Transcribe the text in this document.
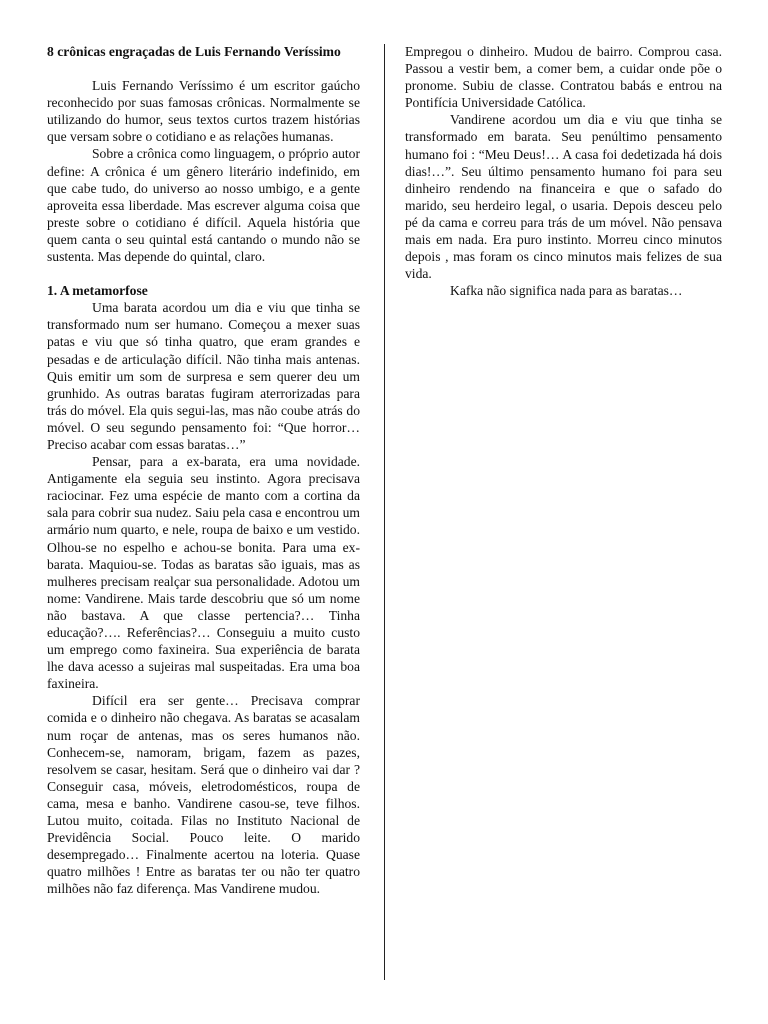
8 crônicas engraçadas de Luis Fernando Veríssimo

Luis Fernando Veríssimo é um escritor gaúcho reconhecido por suas famosas crônicas. Normalmente se utilizando do humor, seus textos curtos trazem histórias que versam sobre o cotidiano e as relações humanas.

Sobre a crônica como linguagem, o próprio autor define: A crônica é um gênero literário indefinido, em que cabe tudo, do universo ao nosso umbigo, e a gente aproveita essa liberdade. Mas escrever alguma coisa que preste sobre o cotidiano é difícil. Aquela história que quem canta o seu quintal está cantando o mundo não se sustenta. Mas depende do quintal, claro.

1. A metamorfose

Uma barata acordou um dia e viu que tinha se transformado num ser humano. Começou a mexer suas patas e viu que só tinha quatro, que eram grandes e pesadas e de articulação difícil. Não tinha mais antenas. Quis emitir um som de surpresa e sem querer deu um grunhido. As outras baratas fugiram aterrorizadas para trás do móvel. Ela quis segui-las, mas não coube atrás do móvel. O seu segundo pensamento foi: “Que horror… Preciso acabar com essas baratas…”

Pensar, para a ex-barata, era uma novidade. Antigamente ela seguia seu instinto. Agora precisava raciocinar. Fez uma espécie de manto com a cortina da sala para cobrir sua nudez. Saiu pela casa e encontrou um armário num quarto, e nele, roupa de baixo e um vestido. Olhou-se no espelho e achou-se bonita. Para uma ex-barata. Maquiou-se. Todas as baratas são iguais, mas as mulheres precisam realçar sua personalidade. Adotou um nome: Vandirene. Mais tarde descobriu que só um nome não bastava. A que classe pertencia?… Tinha educação?…. Referências?… Conseguiu a muito custo um emprego como faxineira. Sua experiência de barata lhe dava acesso a sujeiras mal suspeitadas. Era uma boa faxineira.

Difícil era ser gente… Precisava comprar comida e o dinheiro não chegava. As baratas se acasalam num roçar de antenas, mas os seres humanos não. Conhecem-se, namoram, brigam, fazem as pazes, resolvem se casar, hesitam. Será que o dinheiro vai dar ? Conseguir casa, móveis, eletrodomésticos, roupa de cama, mesa e banho. Vandirene casou-se, teve filhos. Lutou muito, coitada. Filas no Instituto Nacional de Previdência Social. Pouco leite. O marido desempregado… Finalmente acertou na loteria. Quase quatro milhões ! Entre as baratas ter ou não ter quatro milhões não faz diferença. Mas Vandirene mudou.

Empregou o dinheiro. Mudou de bairro. Comprou casa. Passou a vestir bem, a comer bem, a cuidar onde põe o pronome. Subiu de classe. Contratou babás e entrou na Pontifícia Universidade Católica.

Vandirene acordou um dia e viu que tinha se transformado em barata. Seu penúltimo pensamento humano foi : “Meu Deus!… A casa foi dedetizada há dois dias!…”. Seu último pensamento humano foi para seu dinheiro rendendo na financeira e que o safado do marido, seu herdeiro legal, o usaria. Depois desceu pelo pé da cama e correu para trás de um móvel. Não pensava mais em nada. Era puro instinto. Morreu cinco minutos depois , mas foram os cinco minutos mais felizes de sua vida.

Kafka não significa nada para as baratas…
